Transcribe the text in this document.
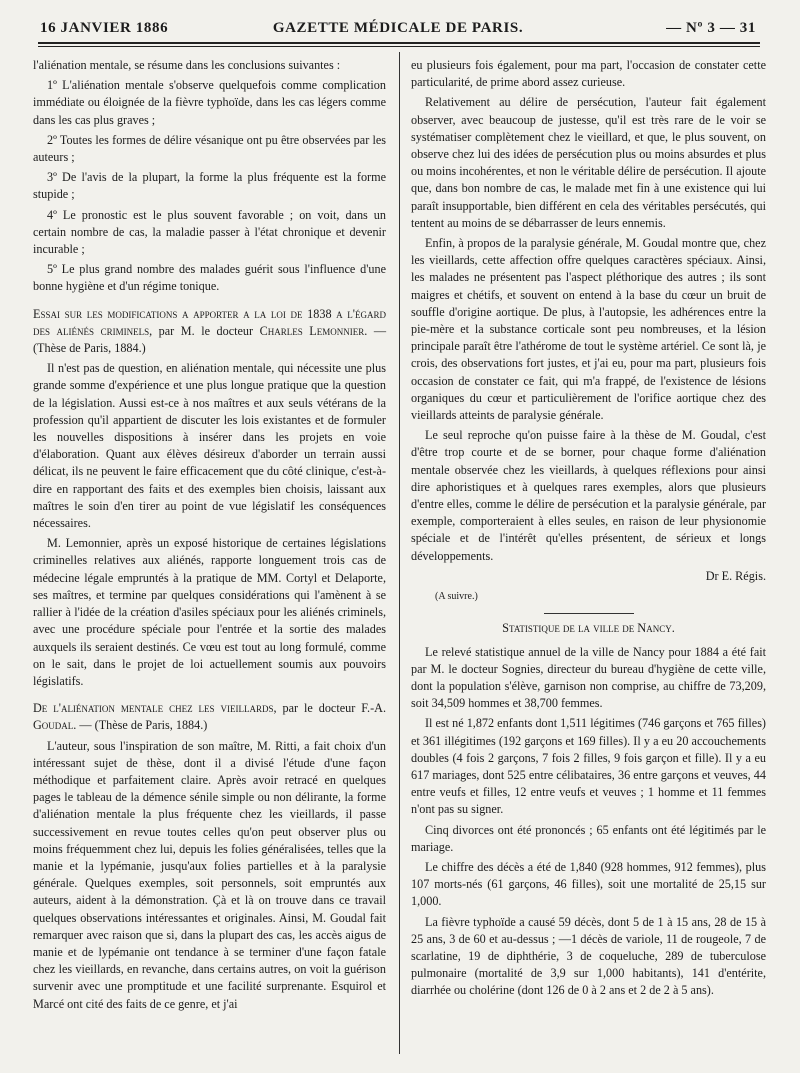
16 JANVIER 1886	GAZETTE MÉDICALE DE PARIS.	— Nº 3 — 31

l'aliénation mentale, se résume dans les conclusions suivantes :

1º L'aliénation mentale s'observe quelquefois comme complication immédiate ou éloignée de la fièvre typhoïde, dans les cas légers comme dans les cas plus graves ;

2º Toutes les formes de délire vésanique ont pu être observées par les auteurs ;

3º De l'avis de la plupart, la forme la plus fréquente est la forme stupide ;

4º Le pronostic est le plus souvent favorable ; on voit, dans un certain nombre de cas, la maladie passer à l'état chronique et devenir incurable ;

5º Le plus grand nombre des malades guérit sous l'influence d'une bonne hygiène et d'un régime tonique.

Essai sur les modifications a apporter a la loi de 1838 a l'égard des aliénés criminels, par M. le docteur Charles Lemonnier. — (Thèse de Paris, 1884.)

Il n'est pas de question, en aliénation mentale, qui nécessite une plus grande somme d'expérience et une plus longue pratique que la question de la législation. Aussi est-ce à nos maîtres et aux seuls vétérans de la profession qu'il appartient de discuter les lois existantes et de formuler les nouvelles dispositions à insérer dans les projets en voie d'élaboration. Quant aux élèves désireux d'aborder un terrain aussi délicat, ils ne peuvent le faire efficacement que du côté clinique, c'est-à-dire en rapportant des faits et des exemples bien choisis, laissant aux maîtres le soin d'en tirer au point de vue législatif les conséquences nécessaires.

M. Lemonnier, après un exposé historique de certaines législations criminelles relatives aux aliénés, rapporte longuement trois cas de médecine légale empruntés à la pratique de MM. Cortyl et Delaporte, ses maîtres, et termine par quelques considérations qui l'amènent à se rallier à l'idée de la création d'asiles spéciaux pour les aliénés criminels, avec une procédure spéciale pour l'entrée et la sortie des malades auxquels ils seraient destinés. Ce vœu est tout au long formulé, comme on le sait, dans le projet de loi actuellement soumis aux pouvoirs législatifs.

De l'aliénation mentale chez les vieillards, par le docteur F.-A. Goudal. — (Thèse de Paris, 1884.)

L'auteur, sous l'inspiration de son maître, M. Ritti, a fait choix d'un intéressant sujet de thèse, dont il a divisé l'étude d'une façon méthodique et parfaitement claire. Après avoir retracé en quelques pages le tableau de la démence sénile simple ou non délirante, la forme d'aliénation mentale la plus fréquente chez les vieillards, il passe successivement en revue toutes celles qu'on peut observer plus ou moins fréquemment chez lui, depuis les folies généralisées, telles que la manie et la lypémanie, jusqu'aux folies partielles et à la paralysie générale. Quelques exemples, soit personnels, soit empruntés aux auteurs, aident à la démonstration. Çà et là on trouve dans ce travail quelques observations intéressantes et originales. Ainsi, M. Goudal fait remarquer avec raison que si, dans la plupart des cas, les accès aigus de manie et de lypémanie ont tendance à se terminer d'une façon fatale chez les vieillards, en revanche, dans certains autres, on voit la guérison survenir avec une promptitude et une facilité surprenante. Esquirol et Marcé ont cité des faits de ce genre, et j'ai

eu plusieurs fois également, pour ma part, l'occasion de constater cette particularité, de prime abord assez curieuse.

Relativement au délire de persécution, l'auteur fait également observer, avec beaucoup de justesse, qu'il est très rare de le voir se systématiser complètement chez le vieillard, et que, le plus souvent, on observe chez lui des idées de persécution plus ou moins absurdes et plus ou moins incohérentes, et non le véritable délire de persécution. Il ajoute que, dans bon nombre de cas, le malade met fin à une existence qui lui paraît insupportable, bien différent en cela des véritables persécutés, qui tentent au moins de se débarrasser de leurs ennemis.

Enfin, à propos de la paralysie générale, M. Goudal montre que, chez les vieillards, cette affection offre quelques caractères spéciaux. Ainsi, les malades ne présentent pas l'aspect pléthorique des autres ; ils sont maigres et chétifs, et souvent on entend à la base du cœur un bruit de souffle d'origine aortique. De plus, à l'autopsie, les adhérences entre la pie-mère et la substance corticale sont peu nombreuses, et la lésion principale paraît être l'athérome de tout le système artériel. Ce sont là, je crois, des observations fort justes, et j'ai eu, pour ma part, plusieurs fois occasion de constater ce fait, qui m'a frappé, de l'existence de lésions organiques du cœur et particulièrement de l'orifice aortique chez des vieillards atteints de paralysie générale.

Le seul reproche qu'on puisse faire à la thèse de M. Goudal, c'est d'être trop courte et de se borner, pour chaque forme d'aliénation mentale observée chez les vieillards, à quelques réflexions pour ainsi dire aphoristiques et à quelques rares exemples, alors que plusieurs d'entre elles, comme le délire de persécution et la paralysie générale, par exemple, comporteraient à elles seules, en raison de leur physionomie spéciale et de l'intérêt qu'elles présentent, de sérieux et longs développements.

Dr E. Régis.

(A suivre.)

Statistique de la ville de Nancy.

Le relevé statistique annuel de la ville de Nancy pour 1884 a été fait par M. le docteur Sognies, directeur du bureau d'hygiène de cette ville, dont la population s'élève, garnison non comprise, au chiffre de 73,209, soit 34,509 hommes et 38,700 femmes.

Il est né 1,872 enfants dont 1,511 légitimes (746 garçons et 765 filles) et 361 illégitimes (192 garçons et 169 filles). Il y a eu 20 accouchements doubles (4 fois 2 garçons, 7 fois 2 filles, 9 fois garçon et fille). Il y a eu 617 mariages, dont 525 entre célibataires, 36 entre garçons et veuves, 44 entre veufs et filles, 12 entre veufs et veuves ; 1 homme et 11 femmes n'ont pas su signer.

Cinq divorces ont été prononcés ; 65 enfants ont été légitimés par le mariage.

Le chiffre des décès a été de 1,840 (928 hommes, 912 femmes), plus 107 morts-nés (61 garçons, 46 filles), soit une mortalité de 25,15 sur 1,000.

La fièvre typhoïde a causé 59 décès, dont 5 de 1 à 15 ans, 28 de 15 à 25 ans, 3 de 60 et au-dessus ; —1 décès de variole, 11 de rougeole, 7 de scarlatine, 19 de diphthérie, 3 de coqueluche, 289 de tuberculose pulmonaire (mortalité de 3,9 sur 1,000 habitants), 141 d'entérite, diarrhée ou cholérine (dont 126 de 0 à 2 ans et 2 de 2 à 5 ans).
